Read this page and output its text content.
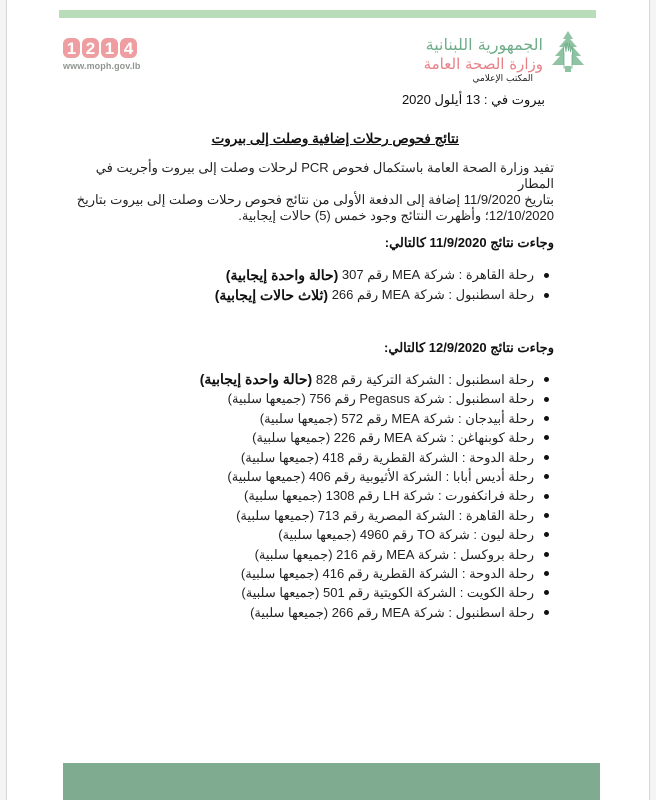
1 2 1 4
www.moph.gov.lb
الجمهورية اللبنانية
وزارة الصحة العامة
المكتب الإعلامي
بيروت في : 13 أيلول 2020
نتائج فحوص رحلات إضافية وصلت إلى بيروت

تفيد وزارة الصحة العامة باستكمال فحوص PCR لرحلات وصلت إلى بيروت وأجريت في المطار

بتاريخ 11/9/2020 إضافة إلى الدفعة الأولى من نتائج فحوص رحلات وصلت إلى بيروت بتاريخ

12/10/2020؛ وأظهرت النتائج وجود خمس (5) حالات إيجابية.

وجاءت نتائج 11/9/2020 كالتالي:
رحلة القاهرة : شركة MEA رقم 307

(حالة واحدة إيجابية)
رحلة اسطنبول : شركة MEA رقم 266

(ثلاث حالات إيجابية)
وجاءت نتائج 12/9/2020 كالتالي:
رحلة اسطنبول : الشركة التركية رقم 828

(حالة واحدة إيجابية)
رحلة اسطنبول : شركة Pegasus رقم 756

(جميعها سلبية)
رحلة أبيدجان : شركة MEA رقم 572

(جميعها سلبية)
رحلة كوبنهاغن : شركة MEA رقم 226

(جميعها سلبية)
رحلة الدوحة : الشركة القطرية رقم 418

(جميعها سلبية)
رحلة أديس أبابا : الشركة الأثيوبية رقم 406

(جميعها سلبية)
رحلة فرانكفورت : شركة LH رقم 1308

(جميعها سلبية)
رحلة القاهرة : الشركة المصرية رقم 713

(جميعها سلبية)
رحلة ليون : شركة TO رقم 4960

(جميعها سلبية)
رحلة بروكسل : شركة MEA رقم 216

(جميعها سلبية)
رحلة الدوحة : الشركة القطرية رقم 416

(جميعها سلبية)
رحلة الكويت : الشركة الكويتية رقم 501

(جميعها سلبية)
رحلة اسطنبول : شركة MEA رقم 266

(جميعها سلبية)
